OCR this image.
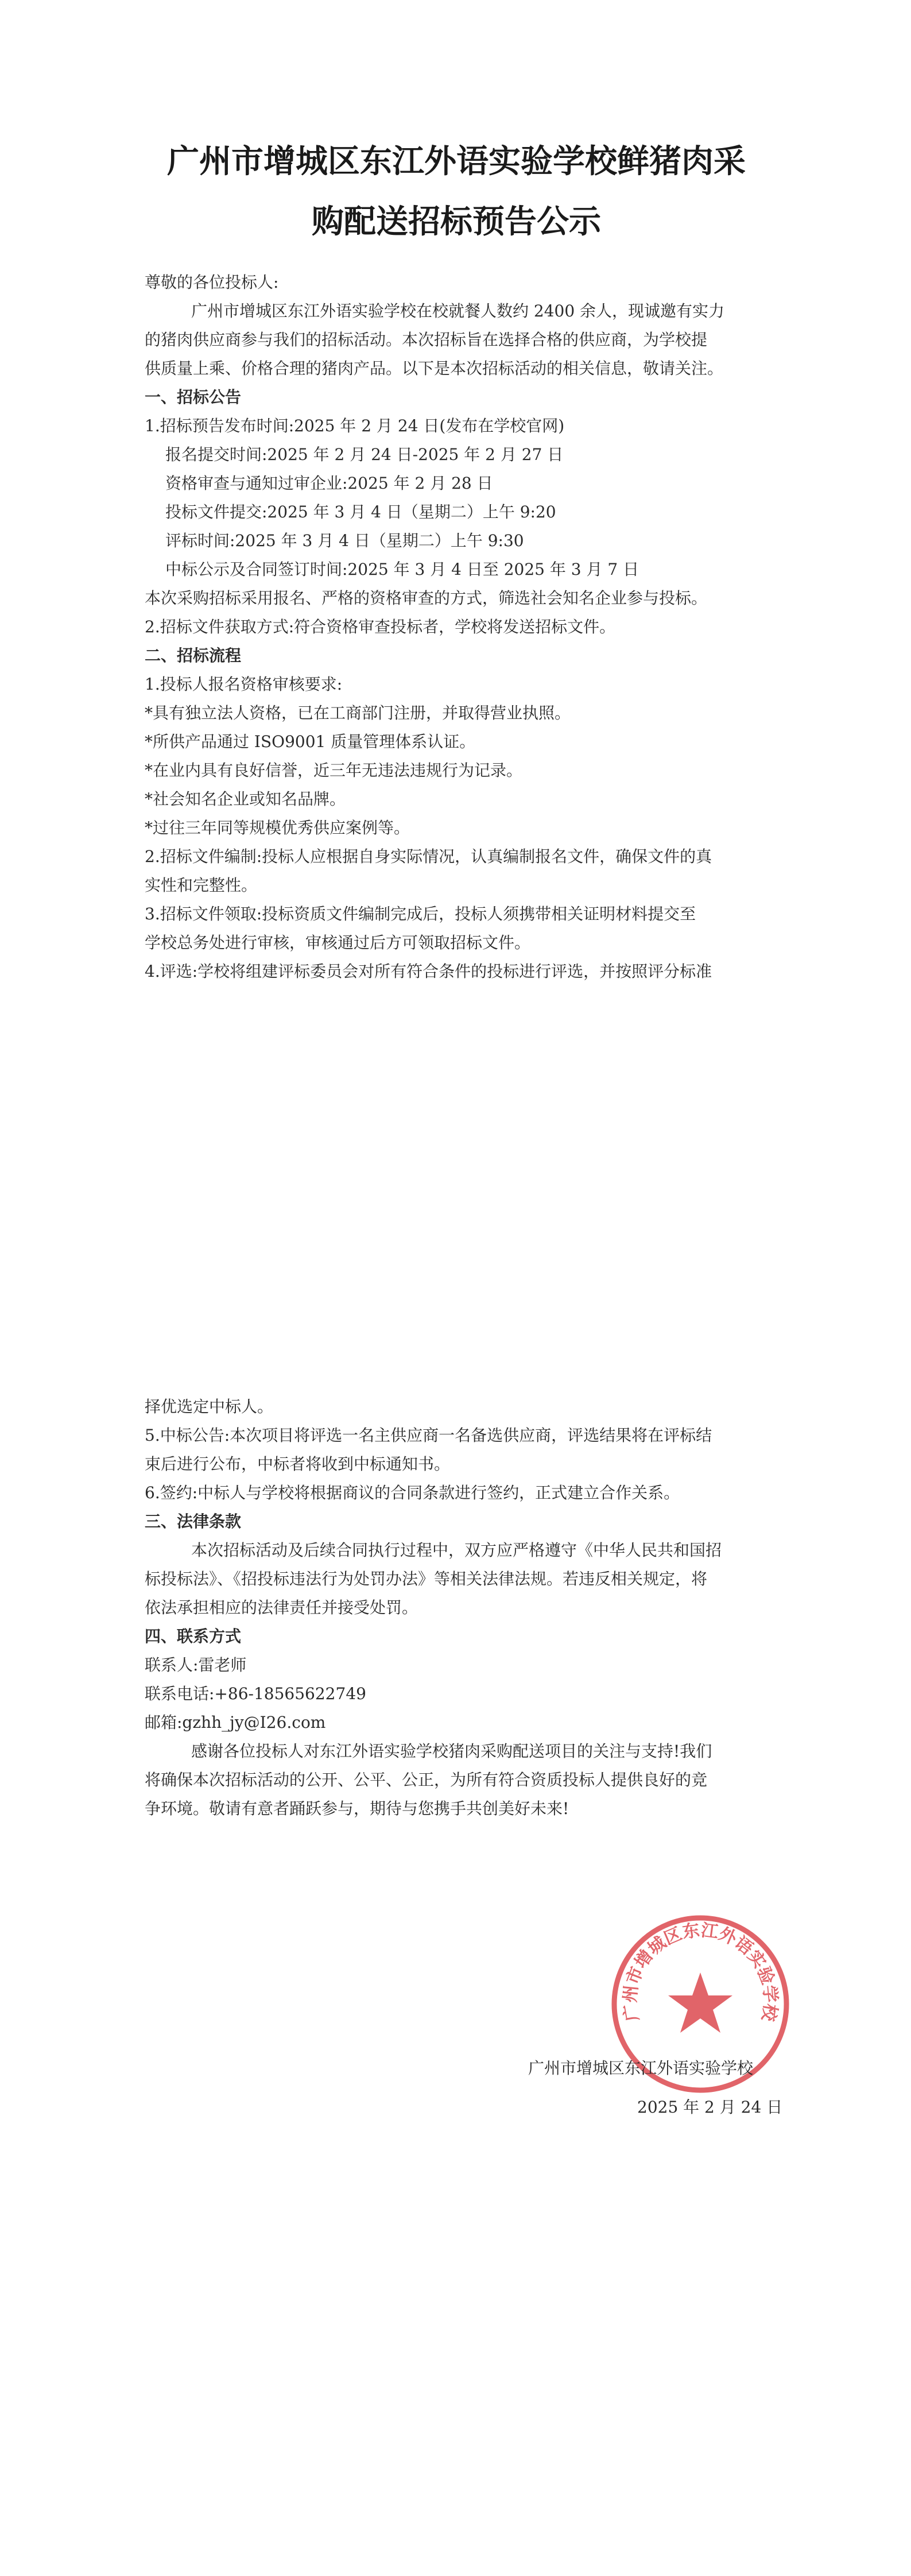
广州市增城区东江外语实验学校鲜猪肉采
购配送招标预告公示
尊敬的各位投标人:
广州市增城区东江外语实验学校在校就餐人数约 2400 余人，现诚邀有实力
的猪肉供应商参与我们的招标活动。本次招标旨在选择合格的供应商，为学校提
供质量上乘、价格合理的猪肉产品。以下是本次招标活动的相关信息，敬请关注。
一、招标公告
1.招标预告发布时间:2025 年 2 月 24 日(发布在学校官网)
报名提交时间:2025 年 2 月 24 日-2025 年 2 月 27 日
资格审查与通知过审企业:2025 年 2 月 28 日
投标文件提交:2025 年 3 月 4 日（星期二）上午 9:20
评标时间:2025 年 3 月 4 日（星期二）上午 9:30
中标公示及合同签订时间:2025 年 3 月 4 日至 2025 年 3 月 7 日
本次采购招标采用报名、严格的资格审查的方式，筛选社会知名企业参与投标。
2.招标文件获取方式:符合资格审查投标者，学校将发送招标文件。
二、招标流程
1.投标人报名资格审核要求:
*具有独立法人资格，已在工商部门注册，并取得营业执照。
*所供产品通过 ISO9001 质量管理体系认证。
*在业内具有良好信誉，近三年无违法违规行为记录。
*社会知名企业或知名品牌。
*过往三年同等规模优秀供应案例等。
2.招标文件编制:投标人应根据自身实际情况，认真编制报名文件，确保文件的真
实性和完整性。
3.招标文件领取:投标资质文件编制完成后，投标人须携带相关证明材料提交至
学校总务处进行审核，审核通过后方可领取招标文件。
4.评选:学校将组建评标委员会对所有符合条件的投标进行评选，并按照评分标准
择优选定中标人。
5.中标公告:本次项目将评选一名主供应商一名备选供应商，评选结果将在评标结
束后进行公布，中标者将收到中标通知书。
6.签约:中标人与学校将根据商议的合同条款进行签约，正式建立合作关系。
三、法律条款
本次招标活动及后续合同执行过程中，双方应严格遵守《中华人民共和国招
标投标法》、《招投标违法行为处罚办法》等相关法律法规。若违反相关规定，将
依法承担相应的法律责任并接受处罚。
四、联系方式
联系人:雷老师
联系电话:+86-18565622749
邮箱:gzhh_jy@I26.com
感谢各位投标人对东江外语实验学校猪肉采购配送项目的关注与支持!我们
将确保本次招标活动的公开、公平、公正，为所有符合资质投标人提供良好的竞
争环境。敬请有意者踊跃参与，期待与您携手共创美好未来!
广州市增城区东江外语实验学校
广州市增城区东江外语实验学校
2025 年 2 月 24 日
